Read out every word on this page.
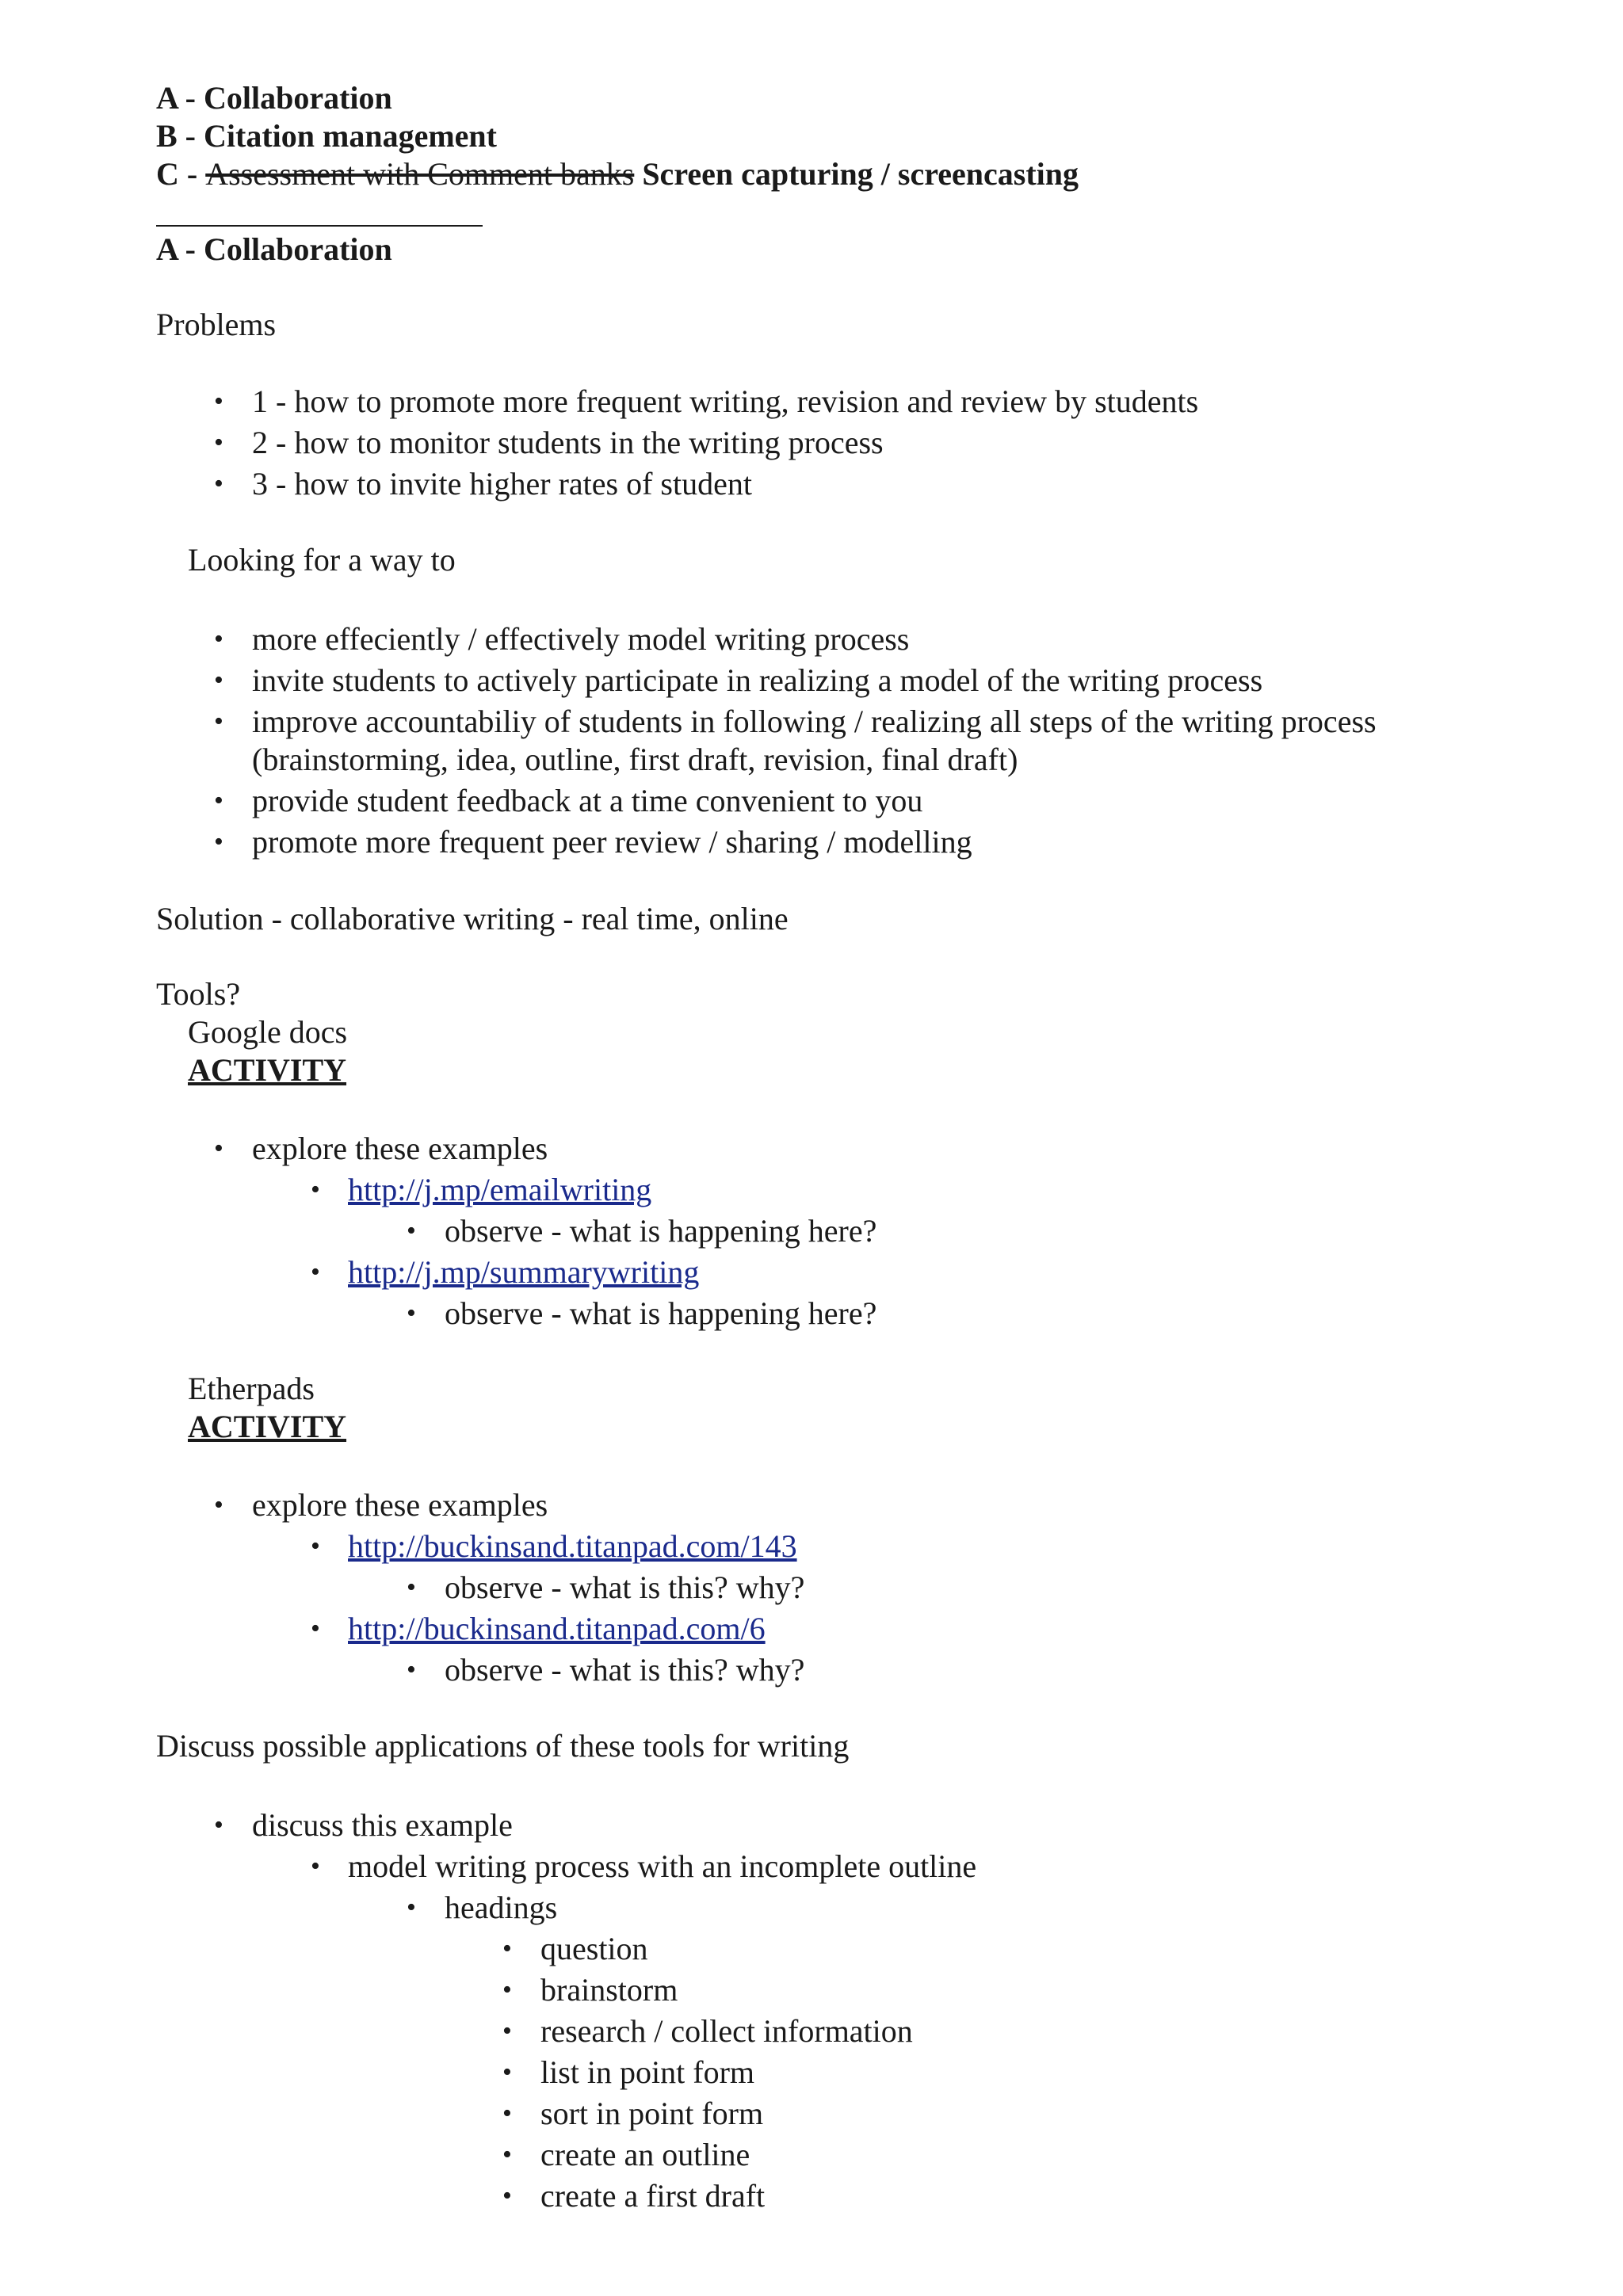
A - Collaboration
B - Citation management
C - Assessment with Comment banks Screen capturing / screencasting
A - Collaboration
Problems
• 1 - how to promote more frequent writing, revision and review by students
• 2 - how to monitor students in the writing process
• 3 - how to invite higher rates of student
Looking for a way to
• more effeciently / effectively model writing process
• invite students to actively participate in realizing a model of the writing process
• improve accountabiliy of students in following / realizing all steps of the writing process
(brainstorming, idea, outline, first draft, revision, final draft)
• provide student feedback at a time convenient to you
• promote more frequent peer review / sharing / modelling
Solution - collaborative writing - real time, online
Tools?
Google docs
ACTIVITY
• explore these examples
• http://j.mp/emailwriting
• observe - what is happening here?
• http://j.mp/summarywriting
• observe - what is happening here?
Etherpads
ACTIVITY
• explore these examples
• http://buckinsand.titanpad.com/143
• observe - what is this? why?
• http://buckinsand.titanpad.com/6
• observe - what is this? why?
Discuss possible applications of these tools for writing
• discuss this example
• model writing process with an incomplete outline
• headings
• question
• brainstorm
• research / collect information
• list in point form
• sort in point form
• create an outline
• create a first draft
